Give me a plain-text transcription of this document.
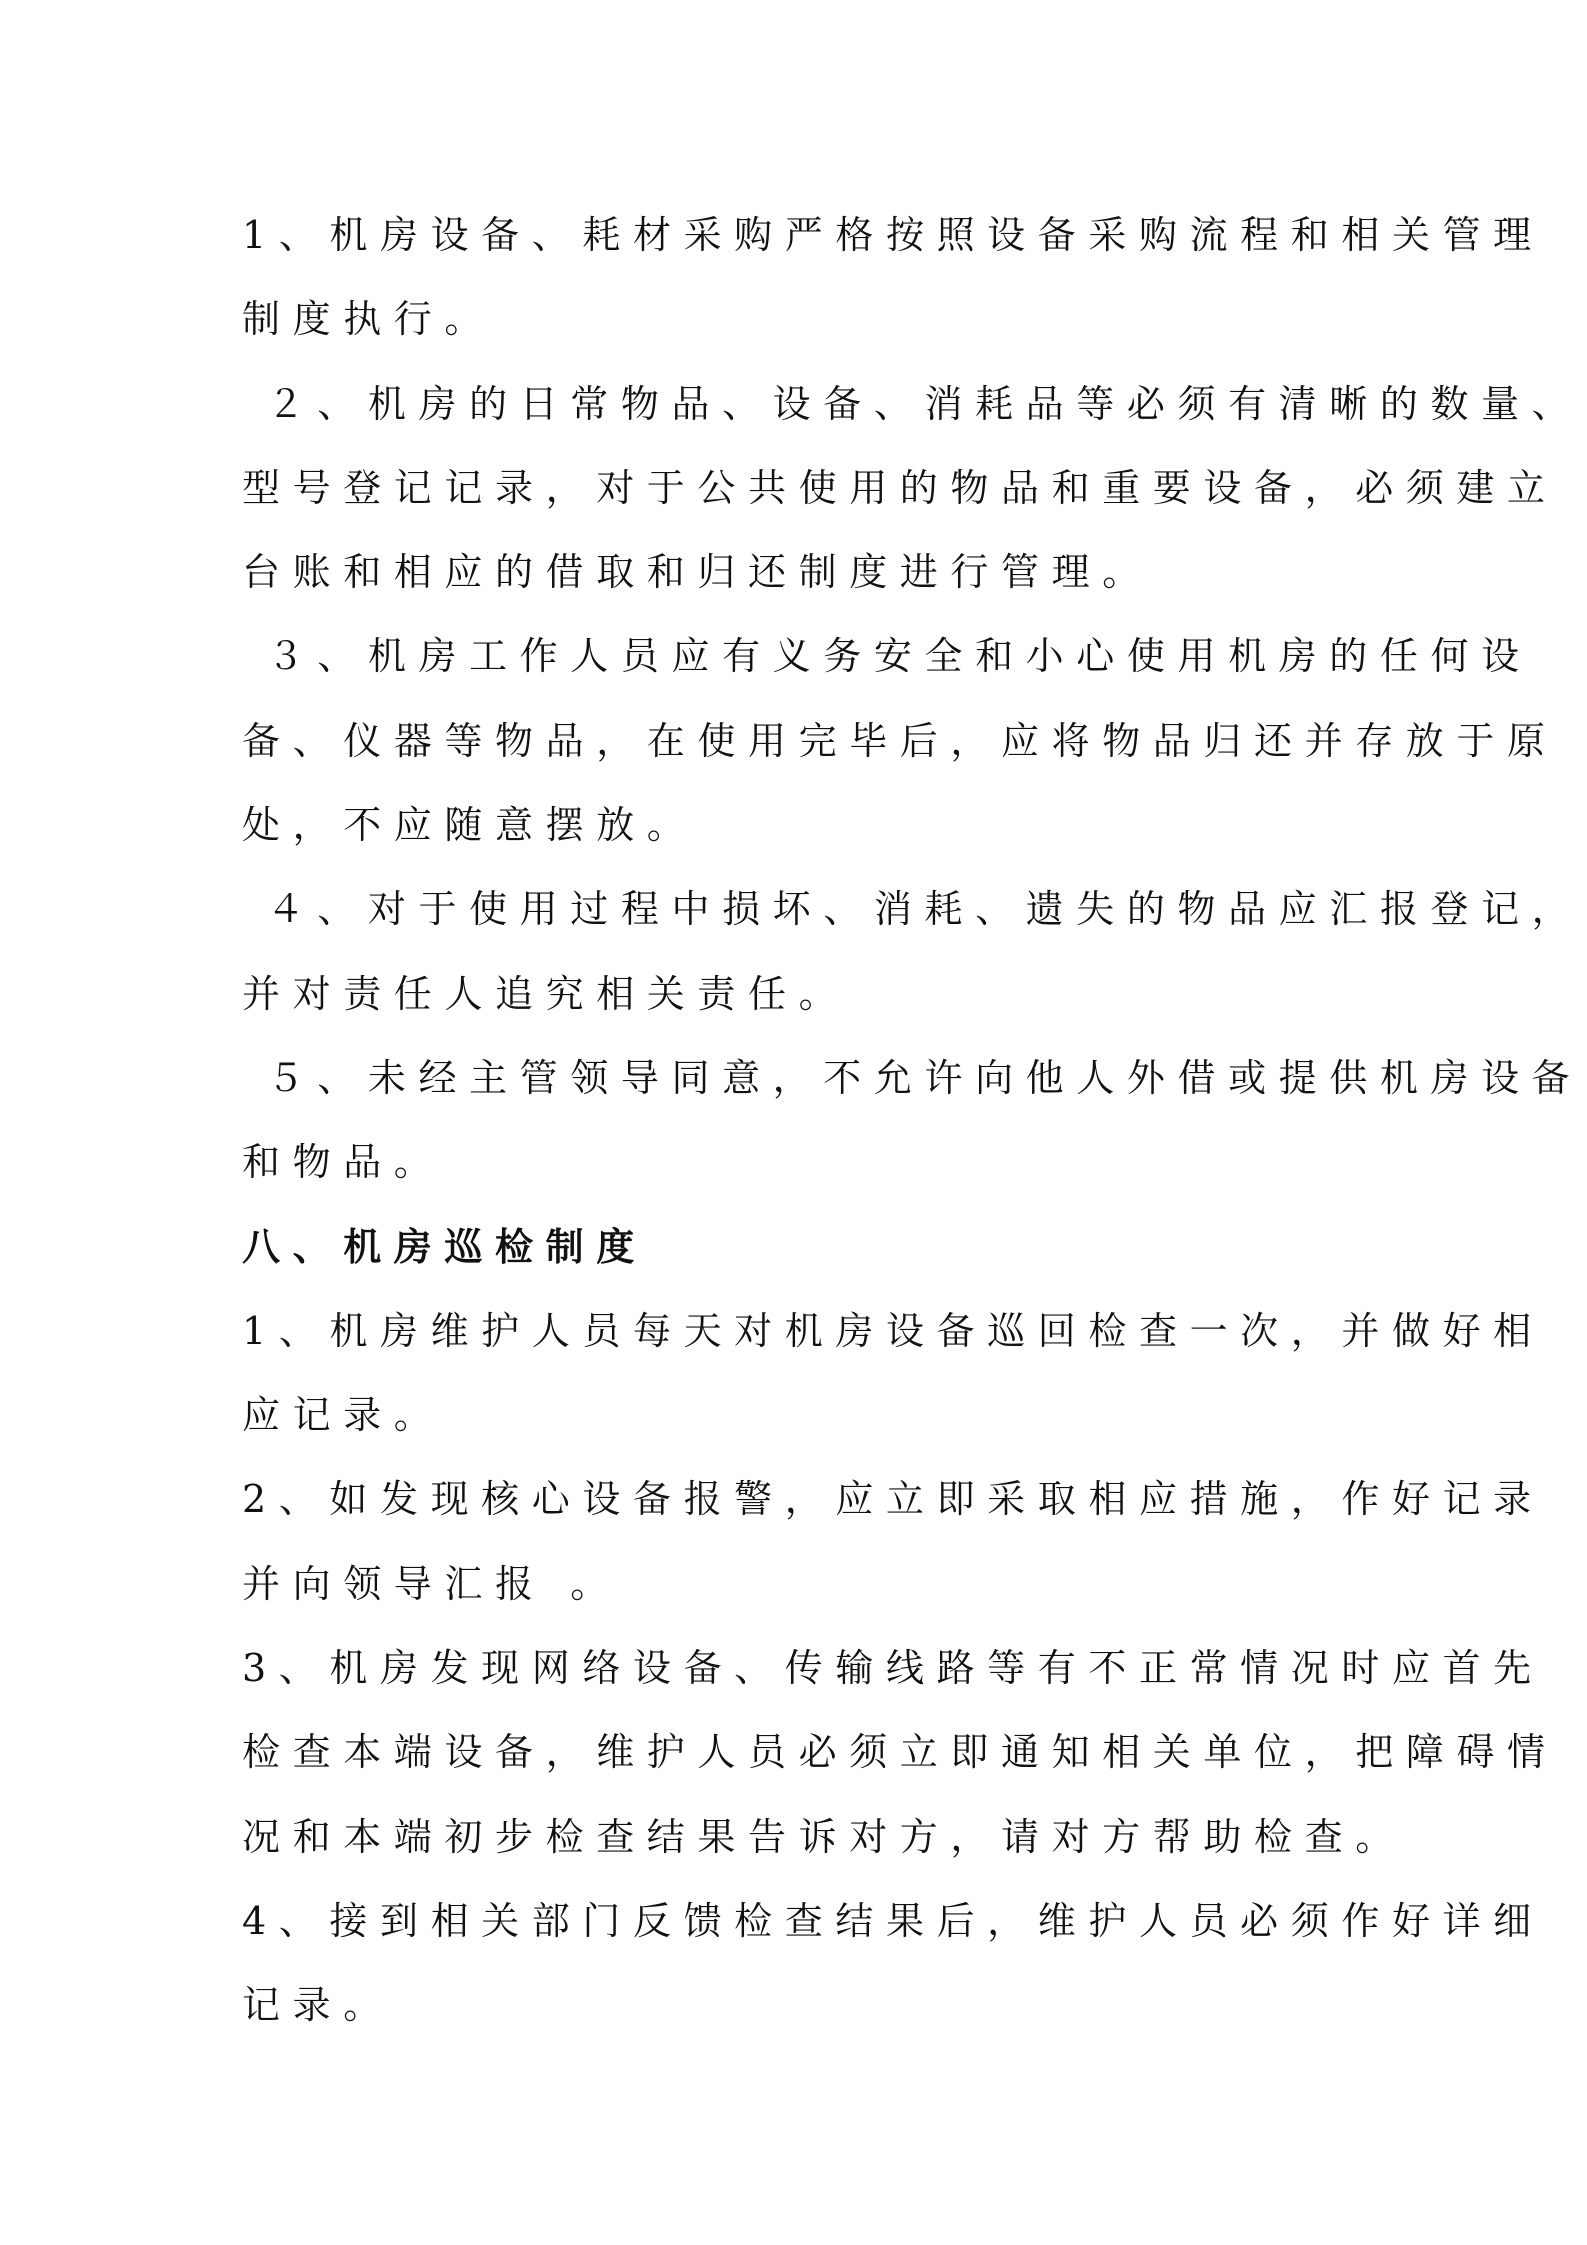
1、机房设备、耗材采购严格按照设备采购流程和相关管理
制度执行。
２、机房的日常物品、设备、消耗品等必须有清晰的数量、
型号登记记录，对于公共使用的物品和重要设备，必须建立
台账和相应的借取和归还制度进行管理。
３、机房工作人员应有义务安全和小心使用机房的任何设
备、仪器等物品，在使用完毕后，应将物品归还并存放于原
处，不应随意摆放。
４、对于使用过程中损坏、消耗、遗失的物品应汇报登记，
并对责任人追究相关责任。
５、未经主管领导同意，不允许向他人外借或提供机房设备
和物品。
八、机房巡检制度
1、机房维护人员每天对机房设备巡回检查一次，并做好相
应记录。
2、如发现核心设备报警，应立即采取相应措施，作好记录
并向领导汇报 。
3、机房发现网络设备、传输线路等有不正常情况时应首先
检查本端设备，维护人员必须立即通知相关单位，把障碍情
况和本端初步检查结果告诉对方，请对方帮助检查。
4、接到相关部门反馈检查结果后，维护人员必须作好详细
记录。
